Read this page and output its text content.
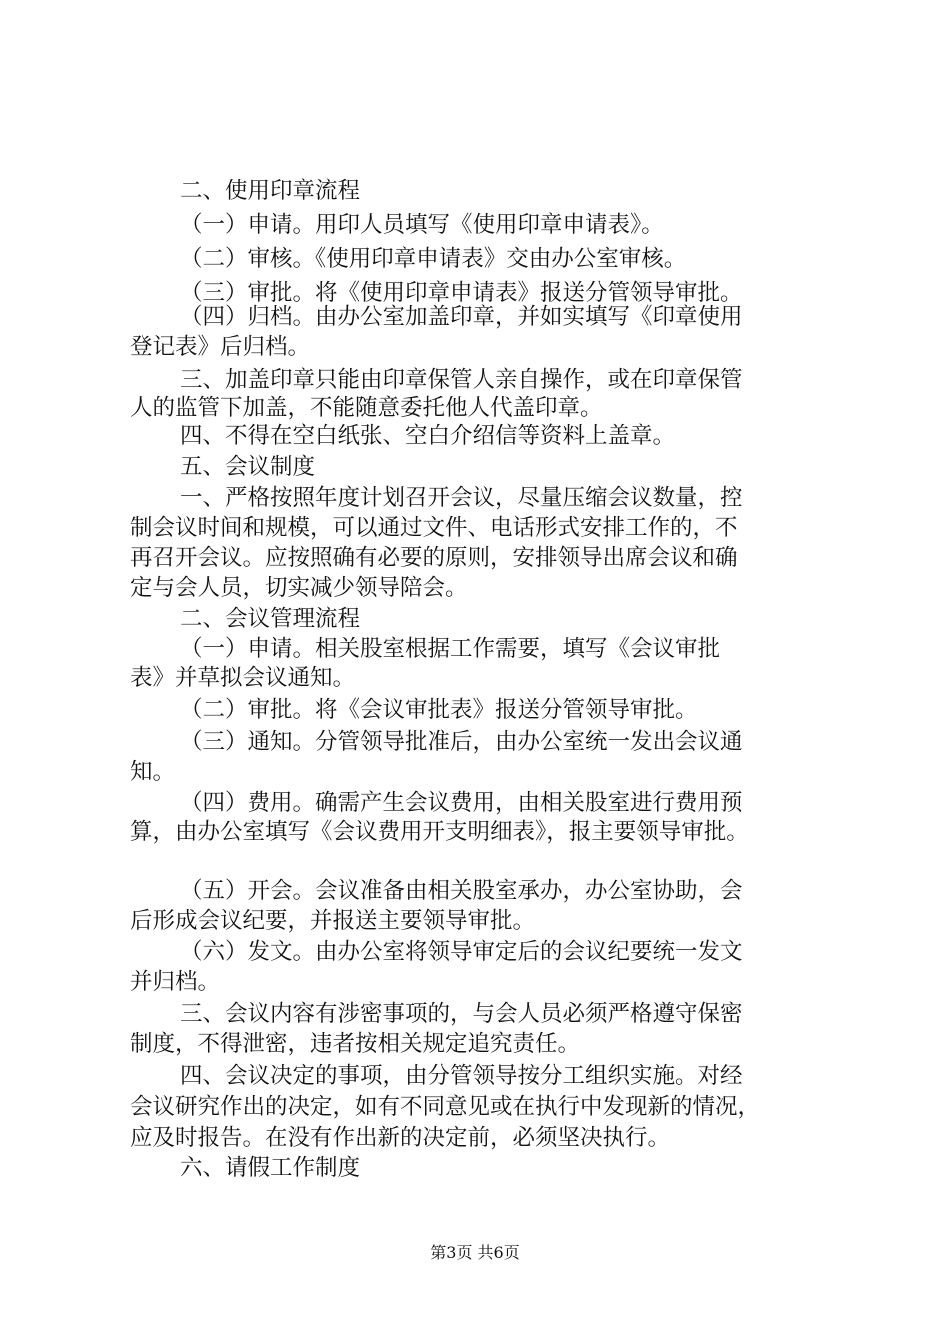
二、使用印章流程
（一）申请。用印人员填写《使用印章申请表》。
（二）审核。《使用印章申请表》交由办公室审核。
（三）审批。将《使用印章申请表》报送分管领导审批。
（四）归档。由办公室加盖印章，并如实填写《印章使用
登记表》后归档。
三、加盖印章只能由印章保管人亲自操作，或在印章保管
人的监管下加盖，不能随意委托他人代盖印章。
四、不得在空白纸张、空白介绍信等资料上盖章。
五、会议制度
一、严格按照年度计划召开会议，尽量压缩会议数量，控
制会议时间和规模，可以通过文件、电话形式安排工作的，不
再召开会议。应按照确有必要的原则，安排领导出席会议和确
定与会人员，切实减少领导陪会。
二、会议管理流程
（一）申请。相关股室根据工作需要，填写《会议审批
表》并草拟会议通知。
（二）审批。将《会议审批表》报送分管领导审批。
（三）通知。分管领导批准后，由办公室统一发出会议通
知。
（四）费用。确需产生会议费用，由相关股室进行费用预
算，由办公室填写《会议费用开支明细表》，报主要领导审批。
（五）开会。会议准备由相关股室承办，办公室协助，会
后形成会议纪要，并报送主要领导审批。
（六）发文。由办公室将领导审定后的会议纪要统一发文
并归档。
三、会议内容有涉密事项的，与会人员必须严格遵守保密
制度，不得泄密，违者按相关规定追究责任。
四、会议决定的事项，由分管领导按分工组织实施。对经
会议研究作出的决定，如有不同意见或在执行中发现新的情况，
应及时报告。在没有作出新的决定前，必须坚决执行。
六、请假工作制度
第3页 共6页
